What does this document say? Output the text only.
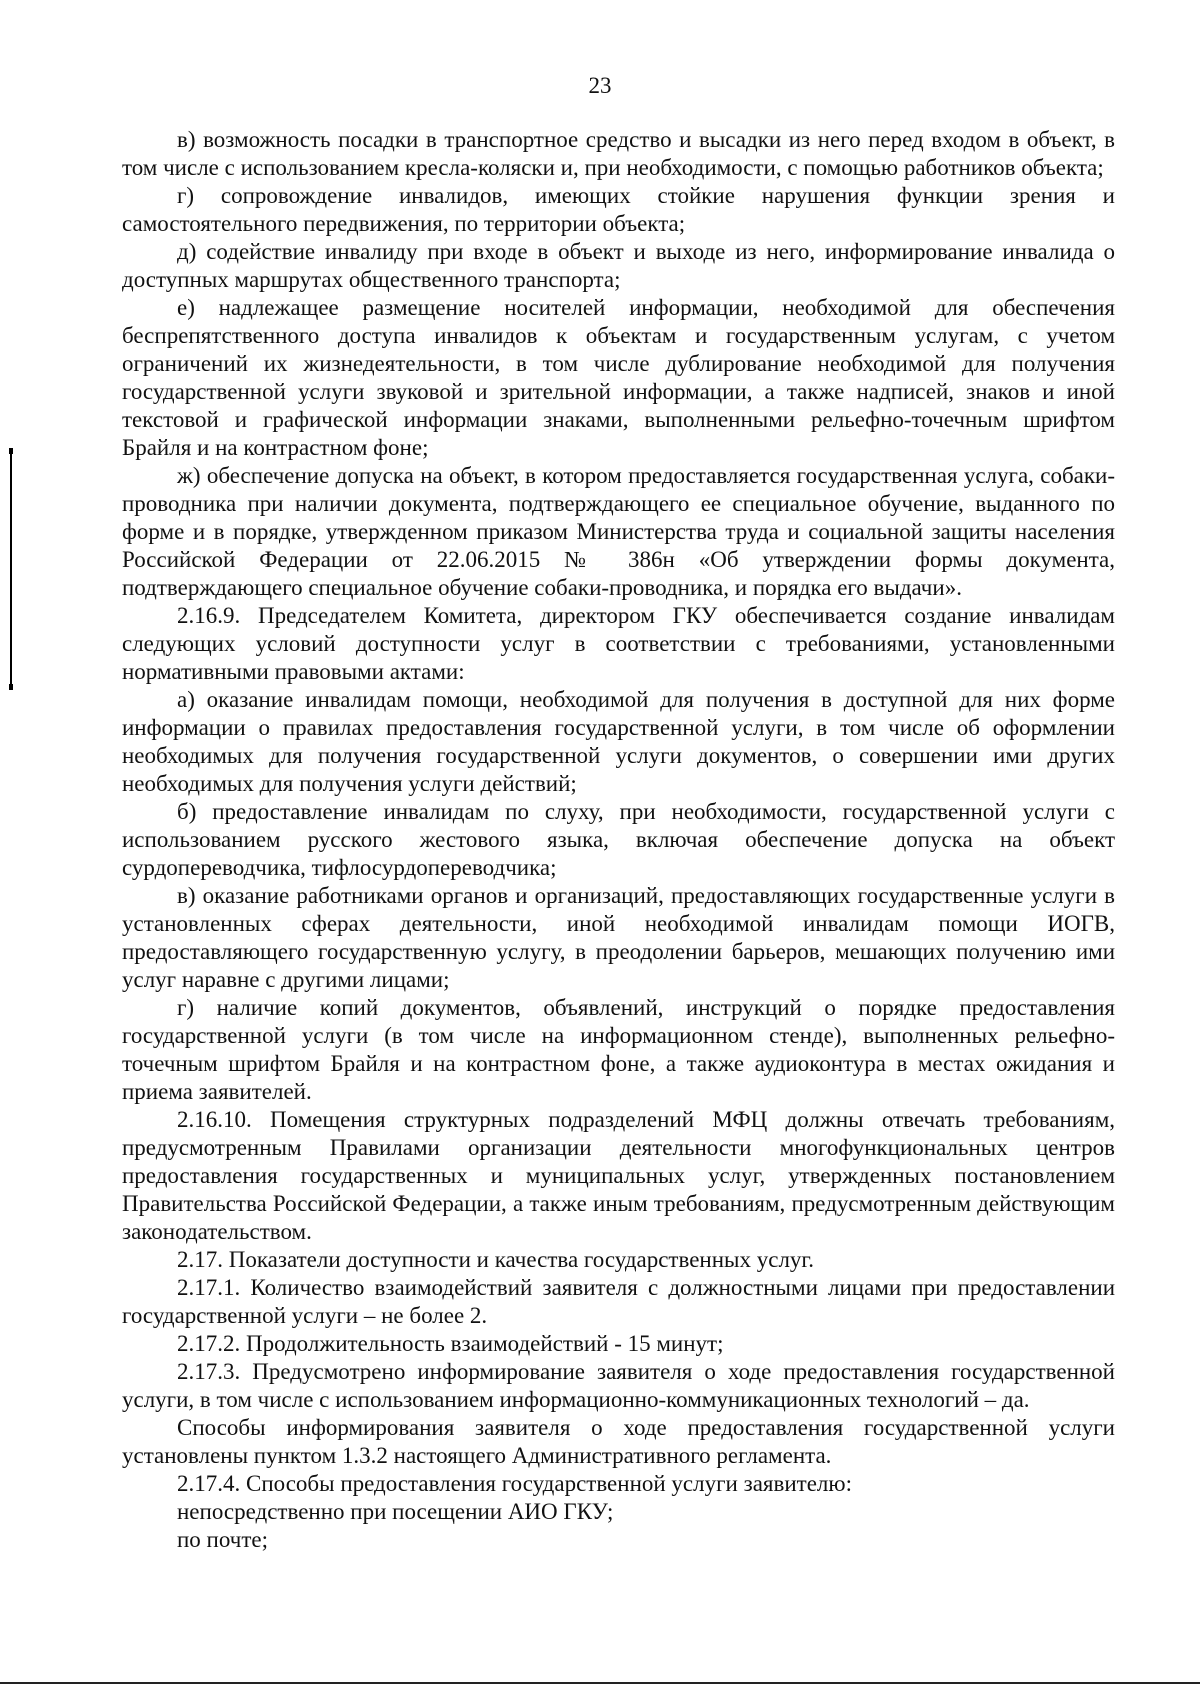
23

в) возможность посадки в транспортное средство и высадки из него перед входом в объект, в том числе с использованием кресла-коляски и, при необходимости, с помощью работников объекта;

г) сопровождение инвалидов, имеющих стойкие нарушения функции зрения и самостоятельного передвижения, по территории объекта;

д) содействие инвалиду при входе в объект и выходе из него, информирование инвалида о доступных маршрутах общественного транспорта;

е) надлежащее размещение носителей информации, необходимой для обеспечения беспрепятственного доступа инвалидов к объектам и государственным услугам, с учетом ограничений их жизнедеятельности, в том числе дублирование необходимой для получения государственной услуги звуковой и зрительной информации, а также надписей, знаков и иной текстовой и графической информации знаками, выполненными рельефно-точечным шрифтом Брайля и на контрастном фоне;

ж) обеспечение допуска на объект, в котором предоставляется государственная услуга, собаки-проводника при наличии документа, подтверждающего ее специальное обучение, выданного по форме и в порядке, утвержденном приказом Министерства труда и социальной защиты населения Российской Федерации от 22.06.2015 № 386н «Об утверждении формы документа, подтверждающего специальное обучение собаки-проводника, и порядка его выдачи».

2.16.9. Председателем Комитета, директором ГКУ обеспечивается создание инвалидам следующих условий доступности услуг в соответствии с требованиями, установленными нормативными правовыми актами:

а) оказание инвалидам помощи, необходимой для получения в доступной для них форме информации о правилах предоставления государственной услуги, в том числе об оформлении необходимых для получения государственной услуги документов, о совершении ими других необходимых для получения услуги действий;

б) предоставление инвалидам по слуху, при необходимости, государственной услуги с использованием русского жестового языка, включая обеспечение допуска на объект сурдопереводчика, тифлосурдопереводчика;

в) оказание работниками органов и организаций, предоставляющих государственные услуги в установленных сферах деятельности, иной необходимой инвалидам помощи ИОГВ, предоставляющего государственную услугу, в преодолении барьеров, мешающих получению ими услуг наравне с другими лицами;

г) наличие копий документов, объявлений, инструкций о порядке предоставления государственной услуги (в том числе на информационном стенде), выполненных рельефно-точечным шрифтом Брайля и на контрастном фоне, а также аудиоконтура в местах ожидания и приема заявителей.

2.16.10. Помещения структурных подразделений МФЦ должны отвечать требованиям, предусмотренным Правилами организации деятельности многофункциональных центров предоставления государственных и муниципальных услуг, утвержденных постановлением Правительства Российской Федерации, а также иным требованиям, предусмотренным действующим законодательством.

2.17. Показатели доступности и качества государственных услуг.

2.17.1. Количество взаимодействий заявителя с должностными лицами при предоставлении государственной услуги – не более 2.

2.17.2. Продолжительность взаимодействий - 15 минут;

2.17.3. Предусмотрено информирование заявителя о ходе предоставления государственной услуги, в том числе с использованием информационно-коммуникационных технологий – да.

Способы информирования заявителя о ходе предоставления государственной услуги установлены пунктом 1.3.2 настоящего Административного регламента.

2.17.4. Способы предоставления государственной услуги заявителю:

непосредственно при посещении АИО ГКУ;

по почте;
